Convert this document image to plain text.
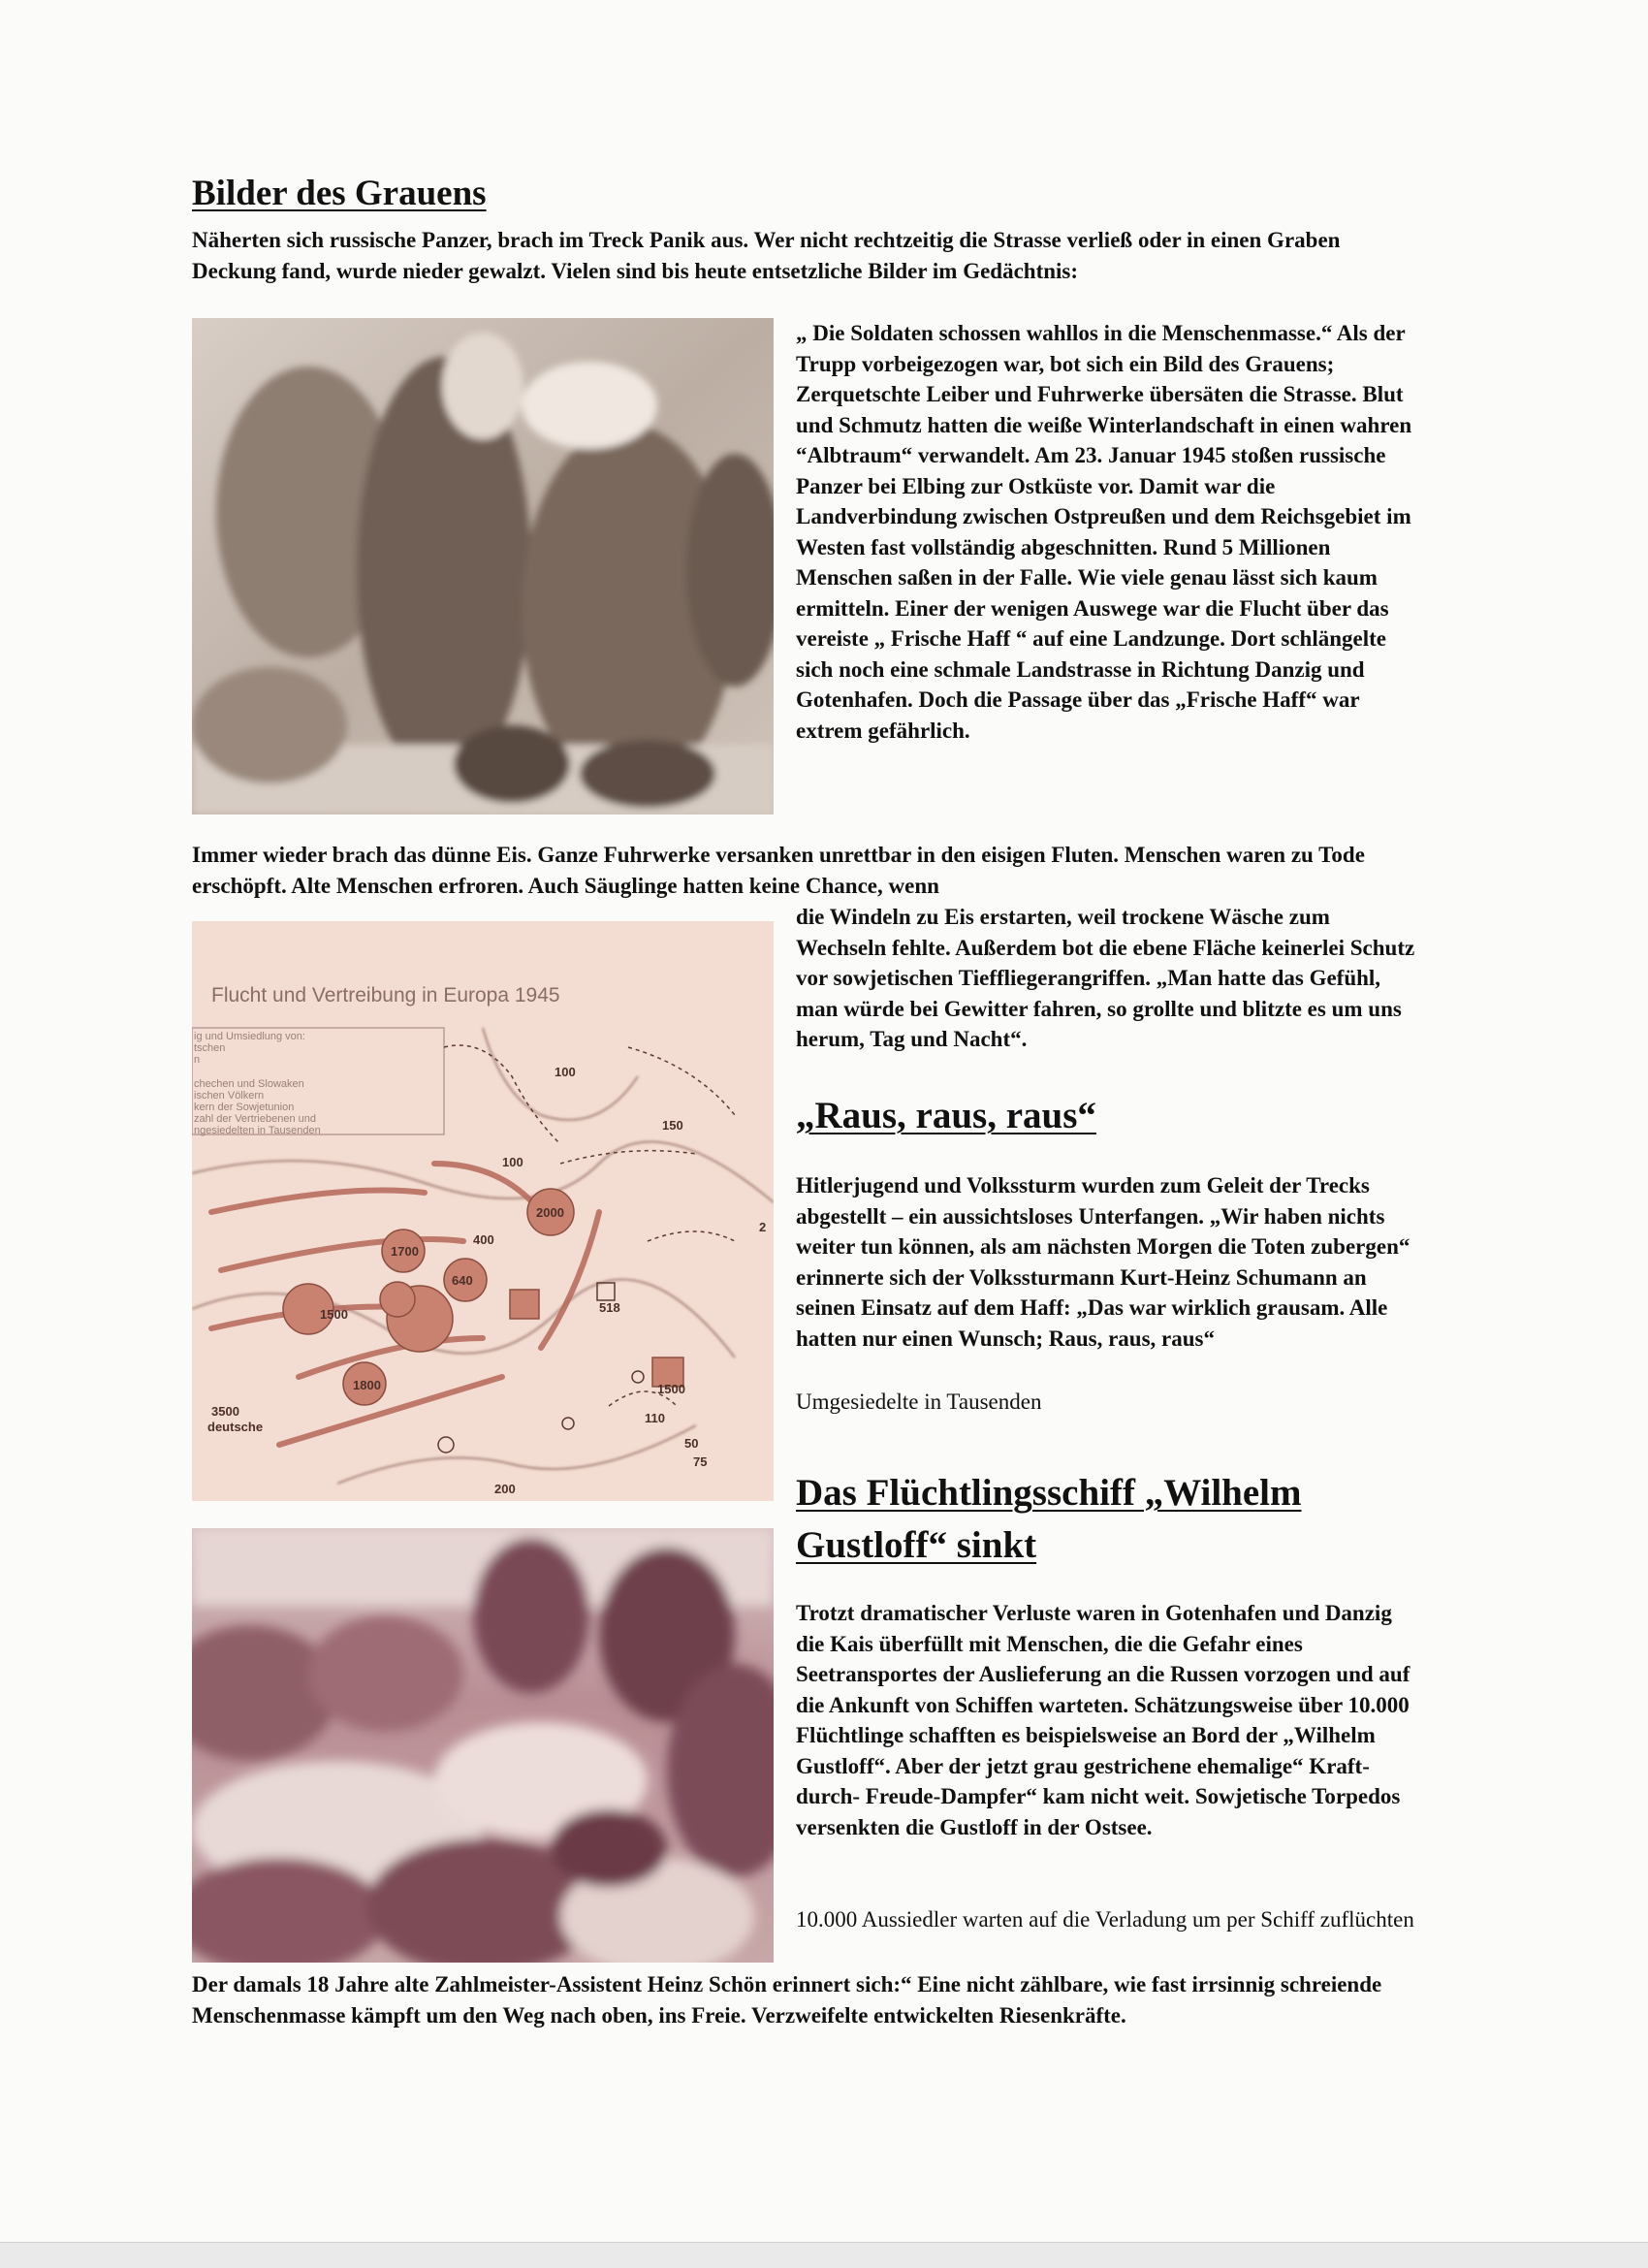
Bilder des Grauens

Näherten sich russische Panzer, brach im Treck Panik aus. Wer nicht rechtzeitig die Strasse verließ oder in einen Graben Deckung fand, wurde nieder gewalzt. Vielen sind bis heute entsetzliche Bilder im Gedächtnis:

„ Die Soldaten schossen wahllos in die Menschenmasse.“ Als der Trupp vorbeigezogen war, bot sich ein Bild des Grauens; Zerquetschte Leiber und Fuhrwerke übersäten die Strasse. Blut und Schmutz hatten die weiße Winterlandschaft in einen wahren “Albtraum“ verwandelt. Am 23. Januar 1945 stoßen russische Panzer bei Elbing zur Ostküste vor. Damit war die Landverbindung zwischen Ostpreußen und dem Reichsgebiet im Westen fast vollständig abgeschnitten. Rund 5 Millionen Menschen saßen in der Falle. Wie viele genau lässt sich kaum ermitteln. Einer der wenigen Auswege war die Flucht über das vereiste „ Frische Haff “ auf eine Landzunge. Dort schlängelte sich noch eine schmale Landstrasse in Richtung Danzig und Gotenhafen. Doch die Passage über das „Frische Haff“ war extrem gefährlich.

Immer wieder brach das dünne Eis. Ganze Fuhrwerke versanken unrettbar in den eisigen Fluten. Menschen waren zu Tode erschöpft. Alte Menschen erfroren. Auch Säuglinge hatten keine Chance, wenn

Flucht und Vertreibung in Europa 1945
ig und Umsiedlung von:
tschen
n
chechen und Slowaken
ischen Völkern
kern der Sowjetunion
zahl der Vertriebenen und
ngesiedelten in Tausenden
1700
640
1500
3500
1800
400
2000
100
100
200
518
150
1500
110
50
75
2
deutsche

die Windeln zu Eis erstarten, weil trockene Wäsche zum Wechseln fehlte. Außerdem bot die ebene Fläche keinerlei Schutz vor sowjetischen Tieffliegerangriffen. „Man hatte das Gefühl, man würde bei Gewitter fahren, so grollte und blitzte es um uns herum, Tag und Nacht“.

„Raus, raus, raus“

Hitlerjugend und Volkssturm wurden zum Geleit der Trecks abgestellt – ein aussichtsloses Unterfangen. „Wir haben nichts weiter tun können, als am nächsten Morgen die Toten zubergen“ erinnerte sich der Volkssturmann Kurt-Heinz Schumann an seinen Einsatz auf dem Haff: „Das war wirklich grausam. Alle hatten nur einen Wunsch; Raus, raus, raus“

Umgesiedelte in Tausenden

Das Flüchtlingsschiff „Wilhelm Gustloff“ sinkt

Trotzt dramatischer Verluste waren in Gotenhafen und Danzig die Kais überfüllt mit Menschen, die die Gefahr eines Seetransportes der Auslieferung an die Russen vorzogen und auf die Ankunft von Schiffen warteten. Schätzungsweise über 10.000 Flüchtlinge schafften es beispielsweise an Bord der „Wilhelm Gustloff“. Aber der jetzt grau gestrichene ehemalige“ Kraft- durch- Freude-Dampfer“ kam nicht weit. Sowjetische Torpedos versenkten die Gustloff in der Ostsee.

10.000 Aussiedler warten auf die Verladung um per Schiff zuflüchten

Der damals 18 Jahre alte Zahlmeister-Assistent Heinz Schön erinnert sich:“ Eine nicht zählbare, wie fast irrsinnig schreiende Menschenmasse kämpft um den Weg nach oben, ins Freie. Verzweifelte entwickelten Riesenkräfte.
